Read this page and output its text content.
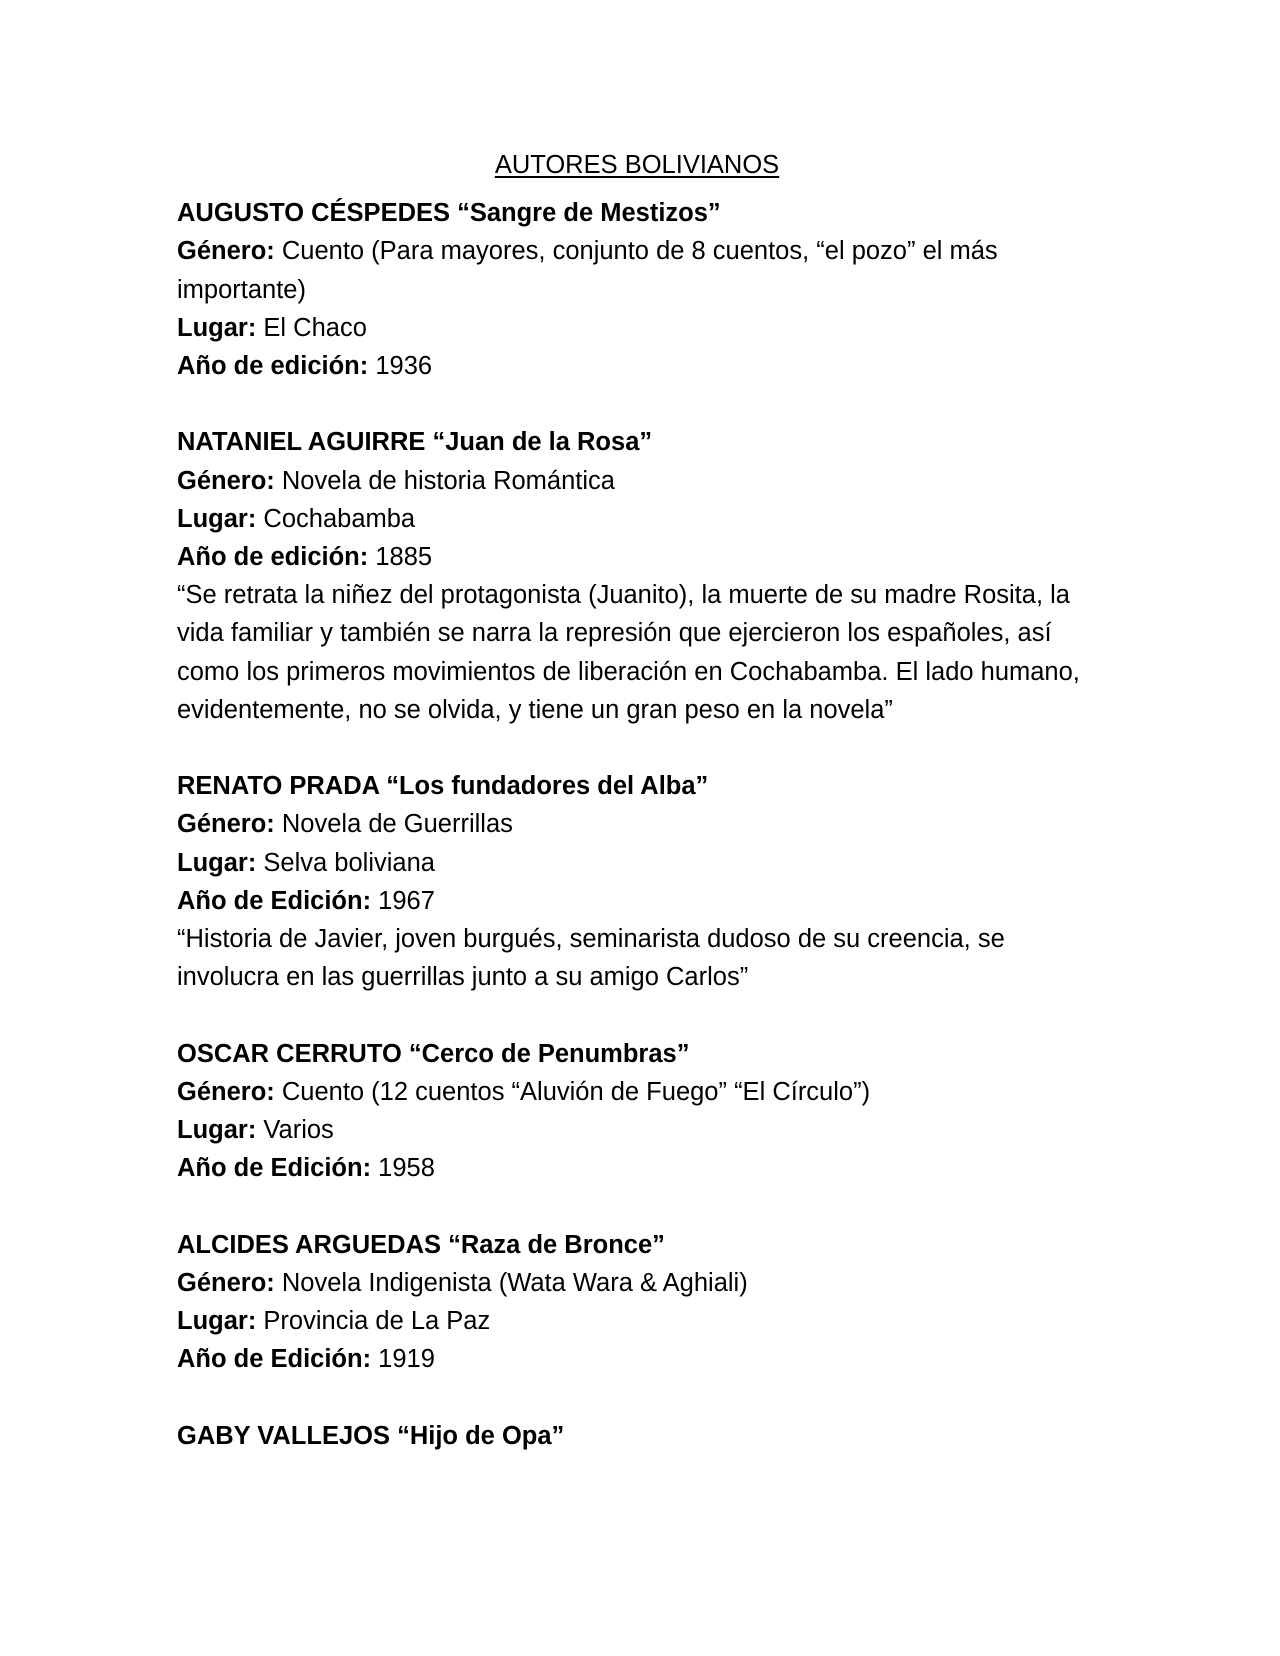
AUTORES BOLIVIANOS
AUGUSTO CÉSPEDES “Sangre de Mestizos”
Género: Cuento (Para mayores, conjunto de 8 cuentos, “el pozo” el más importante)
Lugar: El Chaco
Año de edición: 1936
NATANIEL AGUIRRE “Juan de la Rosa”
Género: Novela de historia Romántica
Lugar: Cochabamba
Año de edición: 1885
“Se retrata la niñez del protagonista (Juanito), la muerte de su madre Rosita, la vida familiar y también se narra la represión que ejercieron los españoles, así como los primeros movimientos de liberación en Cochabamba. El lado humano, evidentemente, no se olvida, y tiene un gran peso en la novela”
RENATO PRADA “Los fundadores del Alba”
Género: Novela de Guerrillas
Lugar: Selva boliviana
Año de Edición: 1967
“Historia de Javier, joven burgués, seminarista dudoso de su creencia, se involucra en las guerrillas junto a su amigo Carlos”
OSCAR CERRUTO “Cerco de Penumbras”
Género: Cuento (12 cuentos “Aluvión de Fuego” “El Círculo”)
Lugar: Varios
Año de Edición: 1958
ALCIDES ARGUEDAS “Raza de Bronce”
Género: Novela Indigenista (Wata Wara & Aghiali)
Lugar: Provincia de La Paz
Año de Edición: 1919
GABY VALLEJOS “Hijo de Opa”
